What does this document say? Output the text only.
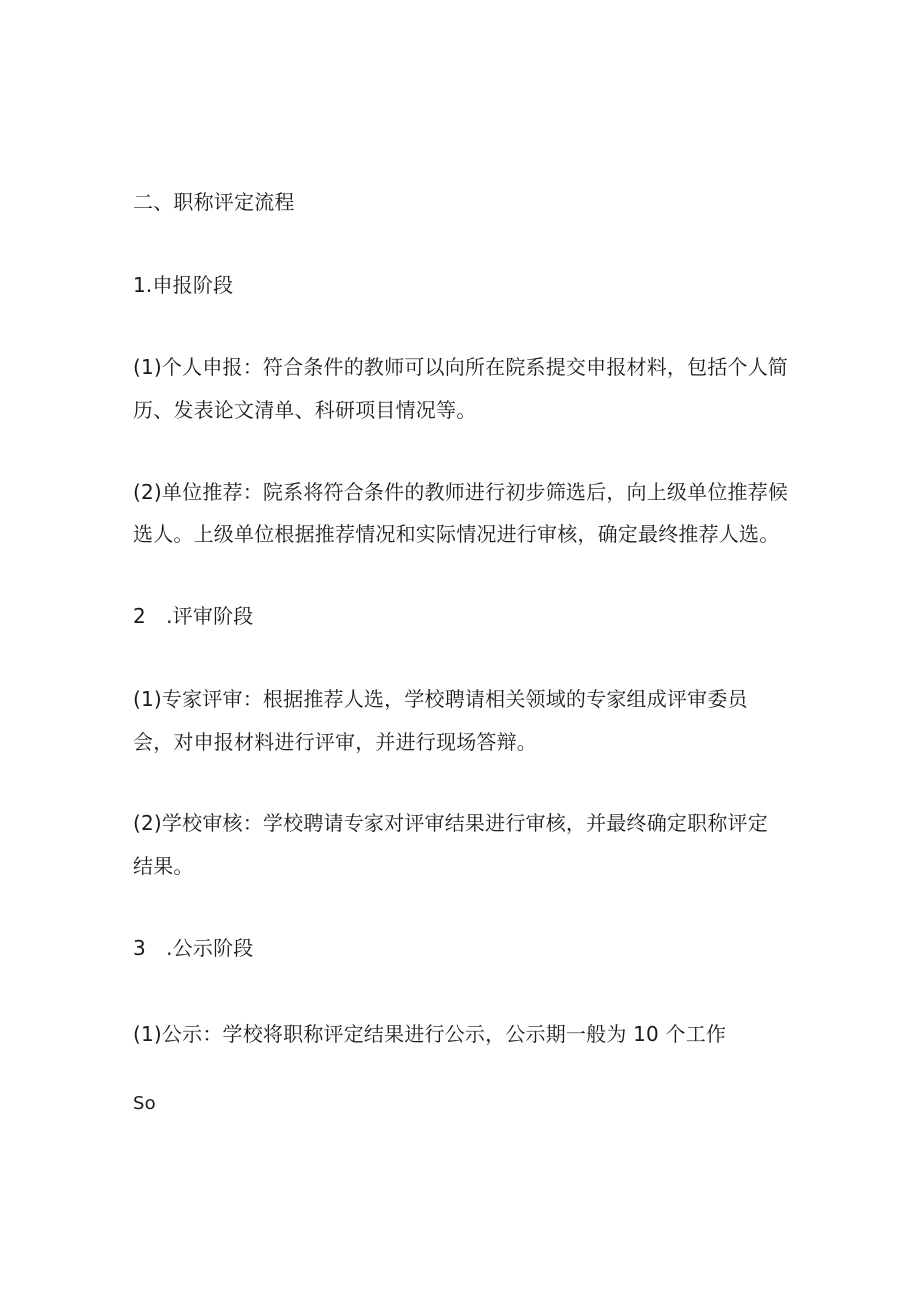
二、职称评定流程
1.申报阶段
(1)个人申报：符合条件的教师可以向所在院系提交申报材料，包括个人简
历、发表论文清单、科研项目情况等。
(2)单位推荐：院系将符合条件的教师进行初步筛选后，向上级单位推荐候
选人。上级单位根据推荐情况和实际情况进行审核，确定最终推荐人选。
2　.评审阶段
(1)专家评审：根据推荐人选，学校聘请相关领域的专家组成评审委员
会，对申报材料进行评审，并进行现场答辩。
(2)学校审核：学校聘请专家对评审结果进行审核，并最终确定职称评定
结果。
3　.公示阶段
(1)公示：学校将职称评定结果进行公示，公示期一般为 10 个工作
So
